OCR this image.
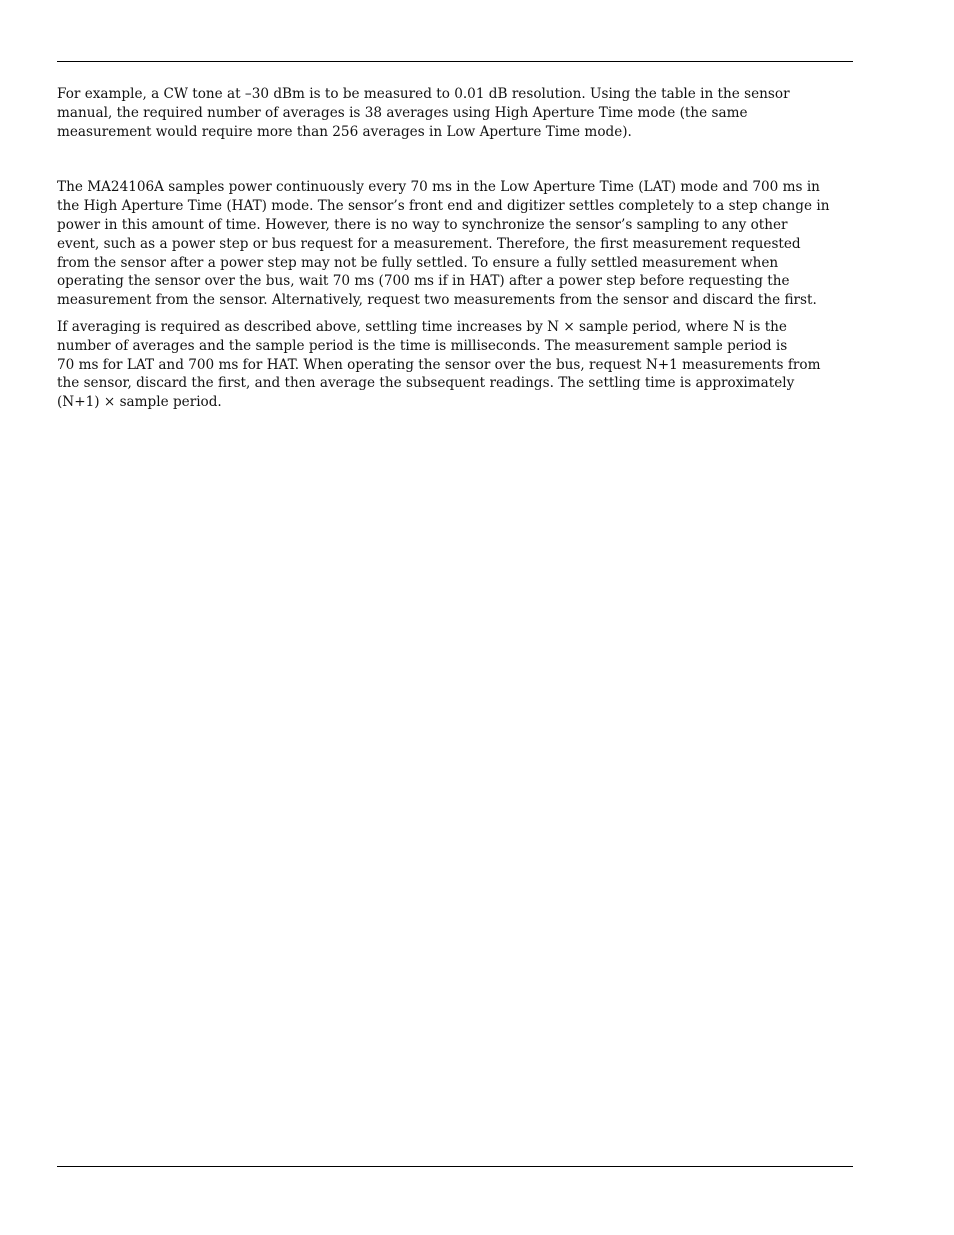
For example, a CW tone at –30 dBm is to be measured to 0.01 dB resolution. Using the table in the sensor
manual, the required number of averages is 38 averages using High Aperture Time mode (the same
measurement would require more than 256 averages in Low Aperture Time mode).

The MA24106A samples power continuously every 70 ms in the Low Aperture Time (LAT) mode and 700 ms in
the High Aperture Time (HAT) mode. The sensor’s front end and digitizer settles completely to a step change in
power in this amount of time. However, there is no way to synchronize the sensor’s sampling to any other
event, such as a power step or bus request for a measurement. Therefore, the first measurement requested
from the sensor after a power step may not be fully settled. To ensure a fully settled measurement when
operating the sensor over the bus, wait 70 ms (700 ms if in HAT) after a power step before requesting the
measurement from the sensor. Alternatively, request two measurements from the sensor and discard the first.

If averaging is required as described above, settling time increases by N × sample period, where N is the
number of averages and the sample period is the time is milliseconds. The measurement sample period is
70 ms for LAT and 700 ms for HAT. When operating the sensor over the bus, request N+1 measurements from
the sensor, discard the first, and then average the subsequent readings. The settling time is approximately
(N+1) × sample period.
